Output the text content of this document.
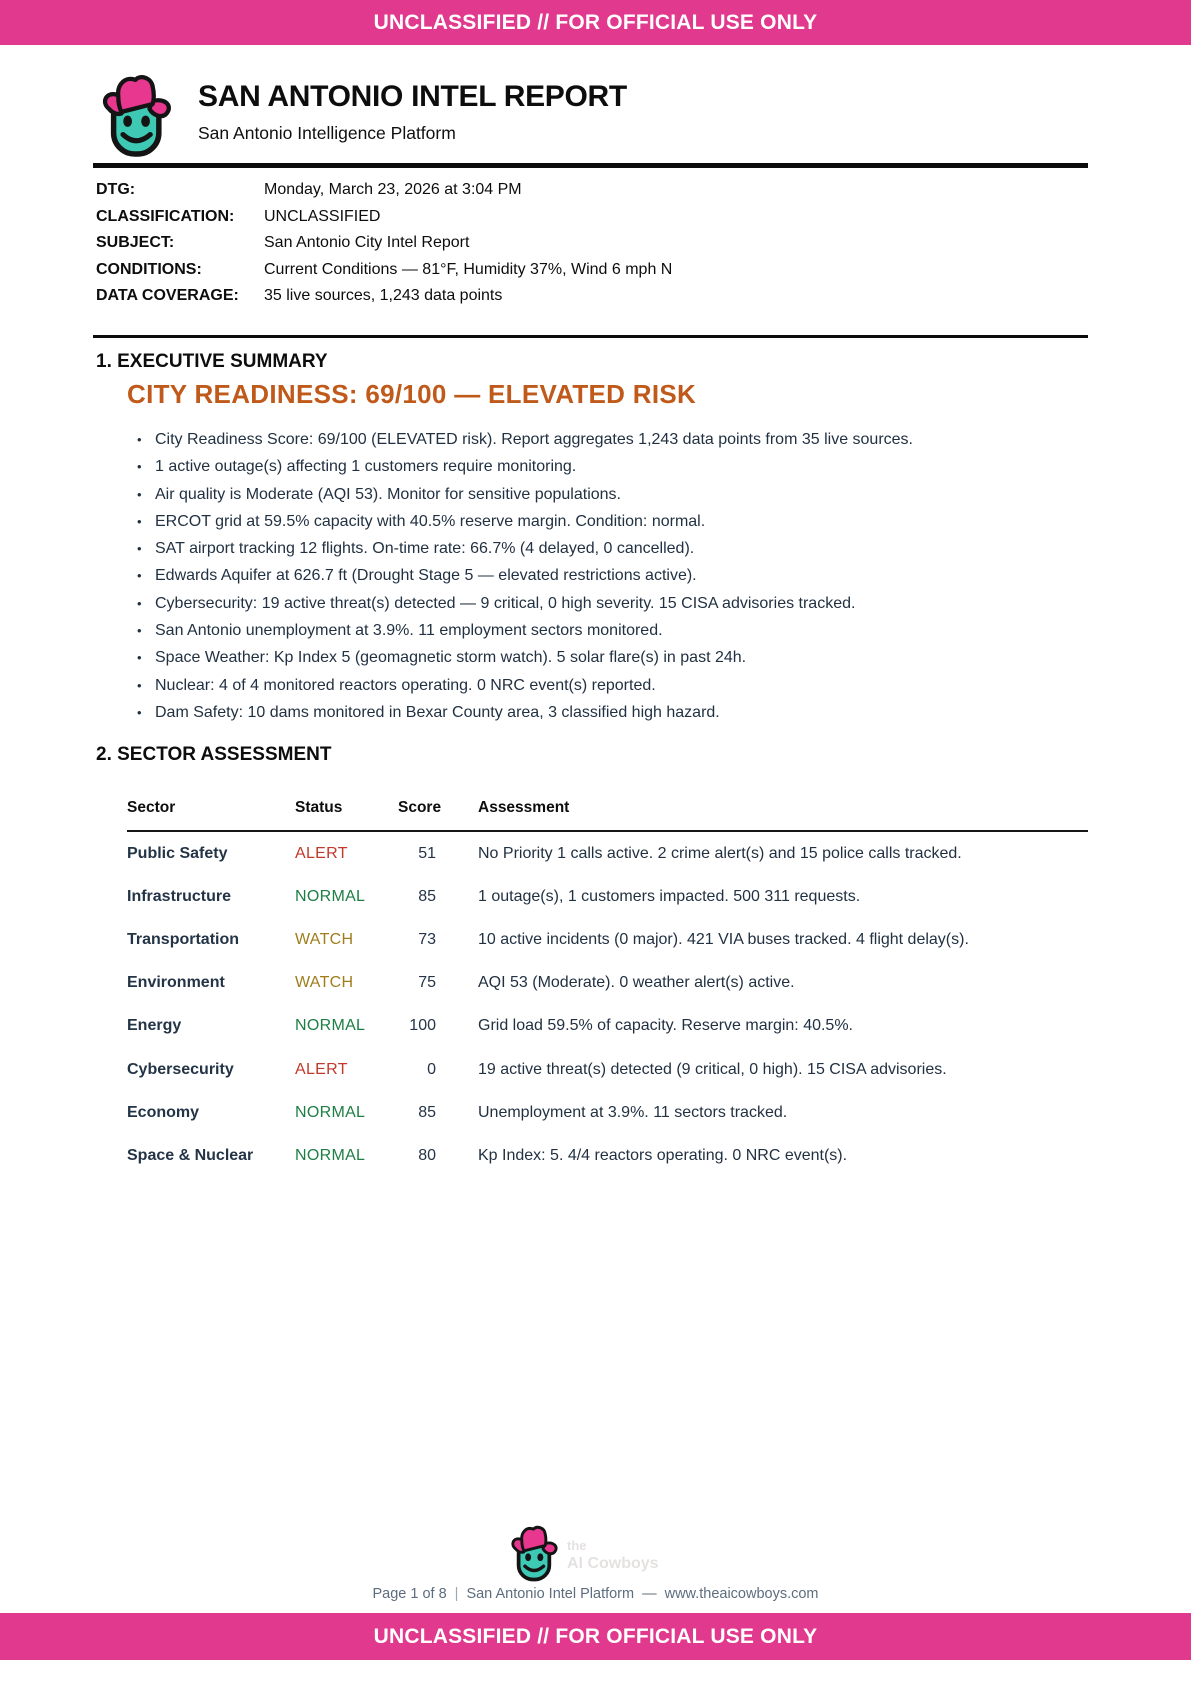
UNCLASSIFIED // FOR OFFICIAL USE ONLY
SAN ANTONIO INTEL REPORT
San Antonio Intelligence Platform
DTG:	Monday, March 23, 2026 at 3:04 PM
CLASSIFICATION:	UNCLASSIFIED
SUBJECT:	San Antonio City Intel Report
CONDITIONS:	Current Conditions — 81°F, Humidity 37%, Wind 6 mph N
DATA COVERAGE:	35 live sources, 1,243 data points
1. EXECUTIVE SUMMARY
CITY READINESS: 69/100 — ELEVATED RISK
• City Readiness Score: 69/100 (ELEVATED risk). Report aggregates 1,243 data points from 35 live sources.
• 1 active outage(s) affecting 1 customers require monitoring.
• Air quality is Moderate (AQI 53). Monitor for sensitive populations.
• ERCOT grid at 59.5% capacity with 40.5% reserve margin. Condition: normal.
• SAT airport tracking 12 flights. On-time rate: 66.7% (4 delayed, 0 cancelled).
• Edwards Aquifer at 626.7 ft (Drought Stage 5 — elevated restrictions active).
• Cybersecurity: 19 active threat(s) detected — 9 critical, 0 high severity. 15 CISA advisories tracked.
• San Antonio unemployment at 3.9%. 11 employment sectors monitored.
• Space Weather: Kp Index 5 (geomagnetic storm watch). 5 solar flare(s) in past 24h.
• Nuclear: 4 of 4 monitored reactors operating. 0 NRC event(s) reported.
• Dam Safety: 10 dams monitored in Bexar County area, 3 classified high hazard.
2. SECTOR ASSESSMENT
Sector	Status	Score	Assessment
Public Safety	ALERT	51	No Priority 1 calls active. 2 crime alert(s) and 15 police calls tracked.
Infrastructure	NORMAL	85	1 outage(s), 1 customers impacted. 500 311 requests.
Transportation	WATCH	73	10 active incidents (0 major). 421 VIA buses tracked. 4 flight delay(s).
Environment	WATCH	75	AQI 53 (Moderate). 0 weather alert(s) active.
Energy	NORMAL	100	Grid load 59.5% of capacity. Reserve margin: 40.5%.
Cybersecurity	ALERT	0	19 active threat(s) detected (9 critical, 0 high). 15 CISA advisories.
Economy	NORMAL	85	Unemployment at 3.9%. 11 sectors tracked.
Space & Nuclear	NORMAL	80	Kp Index: 5. 4/4 reactors operating. 0 NRC event(s).
the
AI Cowboys
Page 1 of 8 | San Antonio Intel Platform — www.theaicowboys.com
UNCLASSIFIED // FOR OFFICIAL USE ONLY
